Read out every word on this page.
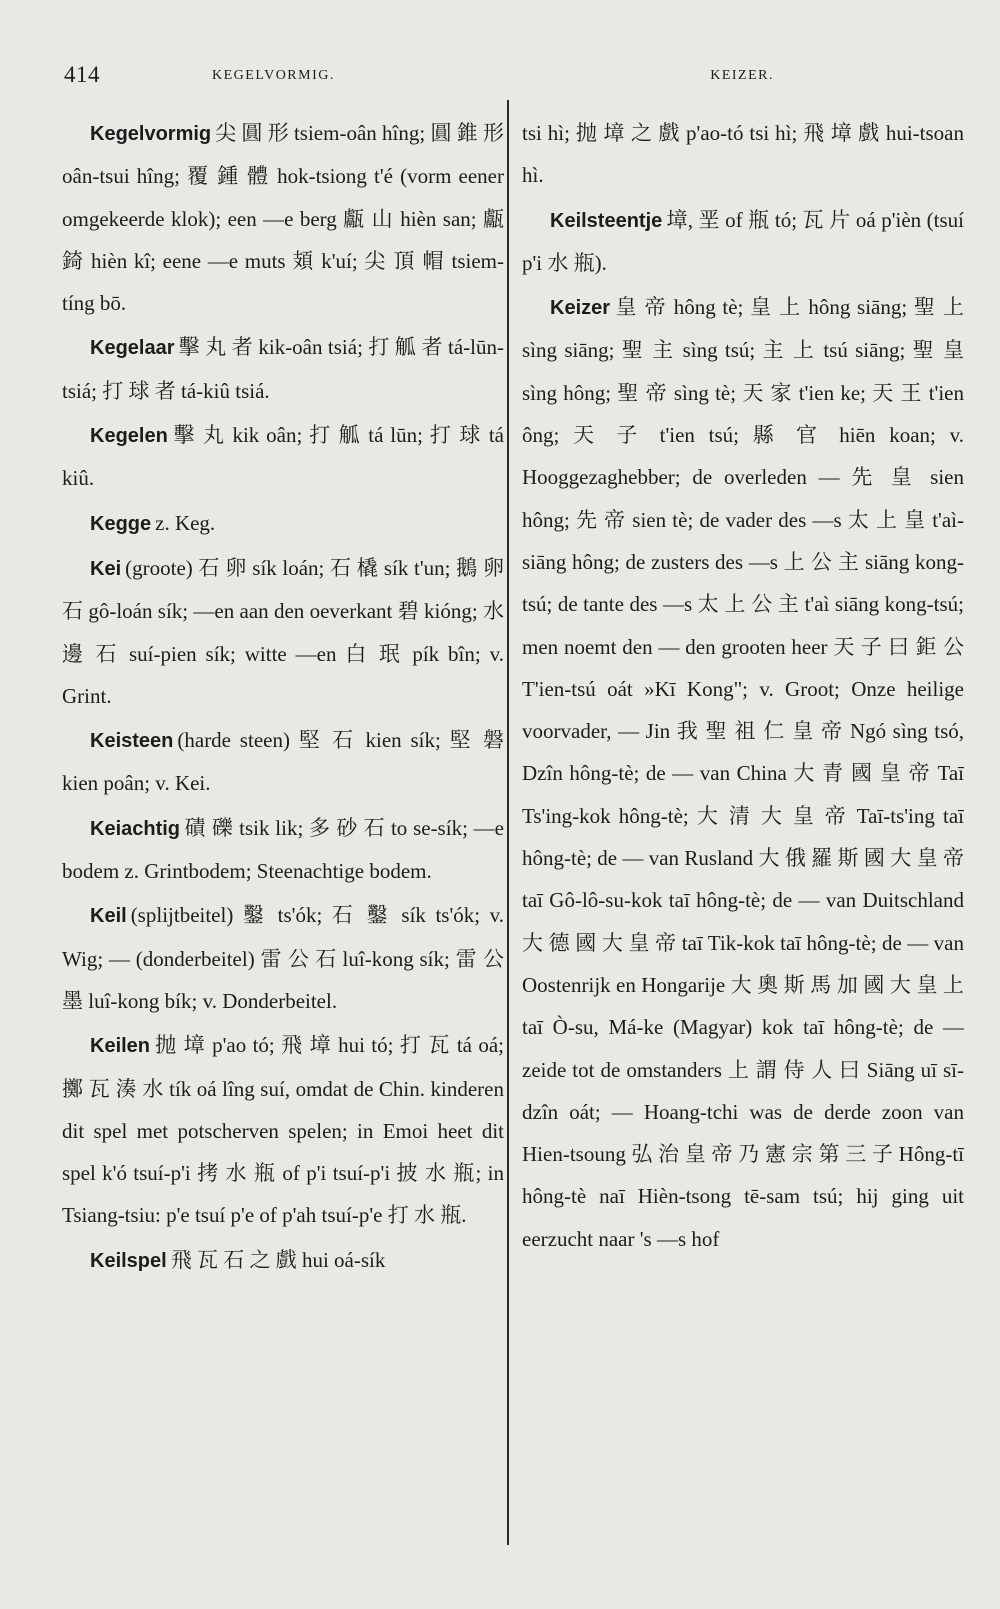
414	KEGELVORMIG.	KEIZER.

Kegelvormig 尖 圓 形 tsiem-oân hîng; 圓 錐 形 oân-tsui hîng; 覆 鍾 體 hok-tsiong t'é (vorm eener omgekeerde klok); een —e berg 甗 山 hièn san; 甗 錡 hièn kî; eene —e muts 頍 k'uí; 尖 頂 帽 tsiem-tíng bō.

Kegelaar 擊 丸 者 kik-oân tsiá; 打 觚 者 tá-lūn-tsiá; 打 球 者 tá-kiû tsiá.

Kegelen 擊 丸 kik oân; 打 觚 tá lūn; 打 球 tá kiû.

Kegge z. Keg.

Kei (groote) 石 卵 sík loán; 石 橇 sík t'un; 鵝 卵 石 gô-loán sík; —en aan den oeverkant 碧 kióng; 水 邊 石 suí-pien sík; witte —en 白 珉 pík bîn; v. Grint.

Keisteen (harde steen) 堅 石 kien sík; 堅 磐 kien poân; v. Kei.

Keiachtig 磧 礫 tsik lik; 多 砂 石 to se-sík; —e bodem z. Grintbodem; Steenachtige bodem.

Keil (splijtbeitel) 鑿 ts'ók; 石 鑿 sík ts'ók; v. Wig; — (donderbeitel) 雷 公 石 luî-kong sík; 雷 公 墨 luî-kong bík; v. Donderbeitel.

Keilen 抛 墇 p'ao tó; 飛 墇 hui tó; 打 瓦 tá oá; 擲 瓦 湊 水 tík oá lîng suí, omdat de Chin. kinderen dit spel met potscherven spelen; in Emoi heet dit spel k'ó tsuí-p'i 拷 水 瓶 of p'i tsuí-p'i 披 水 瓶; in Tsiang-tsiu: p'e tsuí p'e of p'ah tsuí-p'e 打 水 瓶.

Keilspel 飛 瓦 石 之 戲 hui oá-sík

tsi hì; 抛 墇 之 戲 p'ao-tó tsi hì; 飛 墇 戲 hui-tsoan hì.

Keilsteentje 墇, 垩 of 瓶 tó; 瓦 片 oá p'ièn (tsuí p'i 水 瓶).

Keizer 皇 帝 hông tè; 皇 上 hông siāng; 聖 上 sìng siāng; 聖 主 sìng tsú; 主 上 tsú siāng; 聖 皇 sìng hông; 聖 帝 sìng tè; 天 家 t'ien ke; 天 王 t'ien ông; 天 子 t'ien tsú; 縣 官 hiēn koan; v. Hooggezaghebber; de overleden — 先 皇 sien hông; 先 帝 sien tè; de vader des —s 太 上 皇 t'aì-siāng hông; de zusters des —s 上 公 主 siāng kong-tsú; de tante des —s 太 上 公 主 t'aì siāng kong-tsú; men noemt den — den grooten heer 天 子 曰 鉅 公 T'ien-tsú oát »Kī Kong"; v. Groot; Onze heilige voorvader, — Jin 我 聖 祖 仁 皇 帝 Ngó sìng tsó, Dzîn hông-tè; de — van China 大 青 國 皇 帝 Taī Ts'ing-kok hông-tè; 大 清 大 皇 帝 Taī-ts'ing taī hông-tè; de — van Rusland 大 俄 羅 斯 國 大 皇 帝 taī Gô-lô-su-kok taī hông-tè; de — van Duitschland 大 德 國 大 皇 帝 taī Tik-kok taī hông-tè; de — van Oostenrijk en Hongarije 大 奧 斯 馬 加 國 大 皇 上 taī Ò-su, Má-ke (Magyar) kok taī hông-tè; de — zeide tot de omstanders 上 謂 侍 人 曰 Siāng uī sī-dzîn oát; — Hoang-tchi was de derde zoon van Hien-tsoung 弘 治 皇 帝 乃 憲 宗 第 三 子 Hông-tī hông-tè naī Hièn-tsong tē-sam tsú; hij ging uit eerzucht naar 's —s hof
